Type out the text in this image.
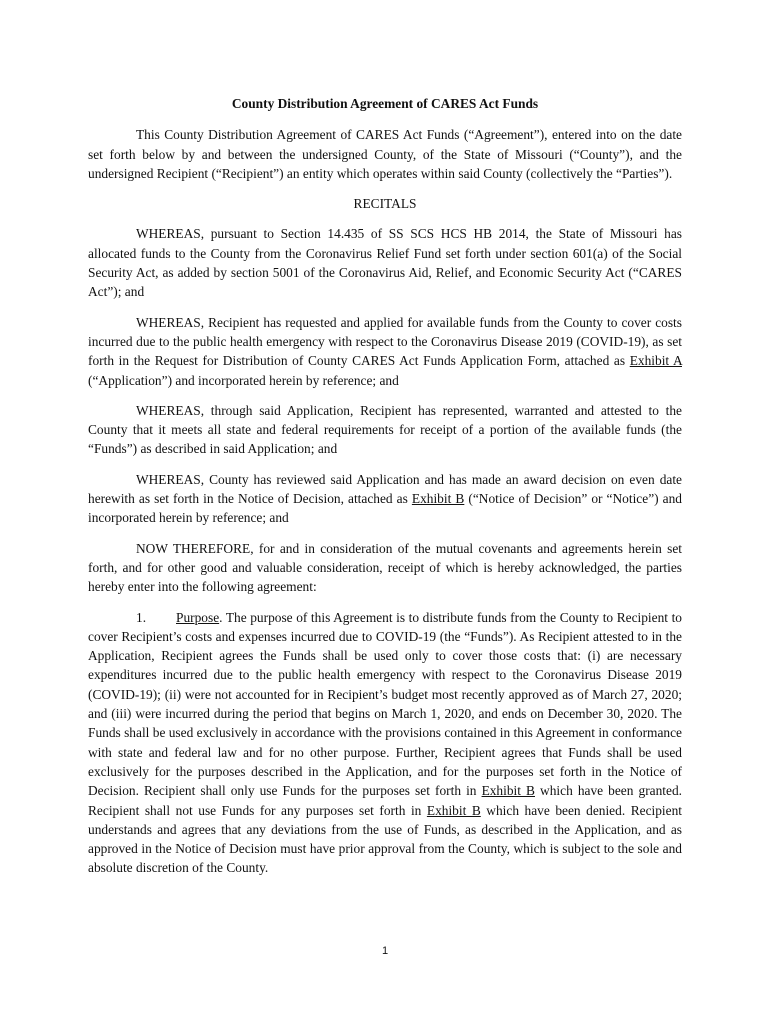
County Distribution Agreement of CARES Act Funds

This County Distribution Agreement of CARES Act Funds (“Agreement”), entered into on the date set forth below by and between the undersigned County, of the State of Missouri (“County”), and the undersigned Recipient (“Recipient”) an entity which operates within said County (collectively the “Parties”).

RECITALS

WHEREAS, pursuant to Section 14.435 of SS SCS HCS HB 2014, the State of Missouri has allocated funds to the County from the Coronavirus Relief Fund set forth under section 601(a) of the Social Security Act, as added by section 5001 of the Coronavirus Aid, Relief, and Economic Security Act (“CARES Act”); and

WHEREAS, Recipient has requested and applied for available funds from the County to cover costs incurred due to the public health emergency with respect to the Coronavirus Disease 2019 (COVID-19), as set forth in the Request for Distribution of County CARES Act Funds Application Form, attached as Exhibit A (“Application”) and incorporated herein by reference; and

WHEREAS, through said Application, Recipient has represented, warranted and attested to the County that it meets all state and federal requirements for receipt of a portion of the available funds (the “Funds”) as described in said Application; and

WHEREAS, County has reviewed said Application and has made an award decision on even date herewith as set forth in the Notice of Decision, attached as Exhibit B (“Notice of Decision” or “Notice”) and incorporated herein by reference; and

NOW THEREFORE, for and in consideration of the mutual covenants and agreements herein set forth, and for other good and valuable consideration, receipt of which is hereby acknowledged, the parties hereby enter into the following agreement:

1. Purpose. The purpose of this Agreement is to distribute funds from the County to Recipient to cover Recipient’s costs and expenses incurred due to COVID-19 (the “Funds”). As Recipient attested to in the Application, Recipient agrees the Funds shall be used only to cover those costs that: (i) are necessary expenditures incurred due to the public health emergency with respect to the Coronavirus Disease 2019 (COVID-19); (ii) were not accounted for in Recipient’s budget most recently approved as of March 27, 2020; and (iii) were incurred during the period that begins on March 1, 2020, and ends on December 30, 2020. The Funds shall be used exclusively in accordance with the provisions contained in this Agreement in conformance with state and federal law and for no other purpose. Further, Recipient agrees that Funds shall be used exclusively for the purposes described in the Application, and for the purposes set forth in the Notice of Decision. Recipient shall only use Funds for the purposes set forth in Exhibit B which have been granted. Recipient shall not use Funds for any purposes set forth in Exhibit B which have been denied. Recipient understands and agrees that any deviations from the use of Funds, as described in the Application, and as approved in the Notice of Decision must have prior approval from the County, which is subject to the sole and absolute discretion of the County.

1
